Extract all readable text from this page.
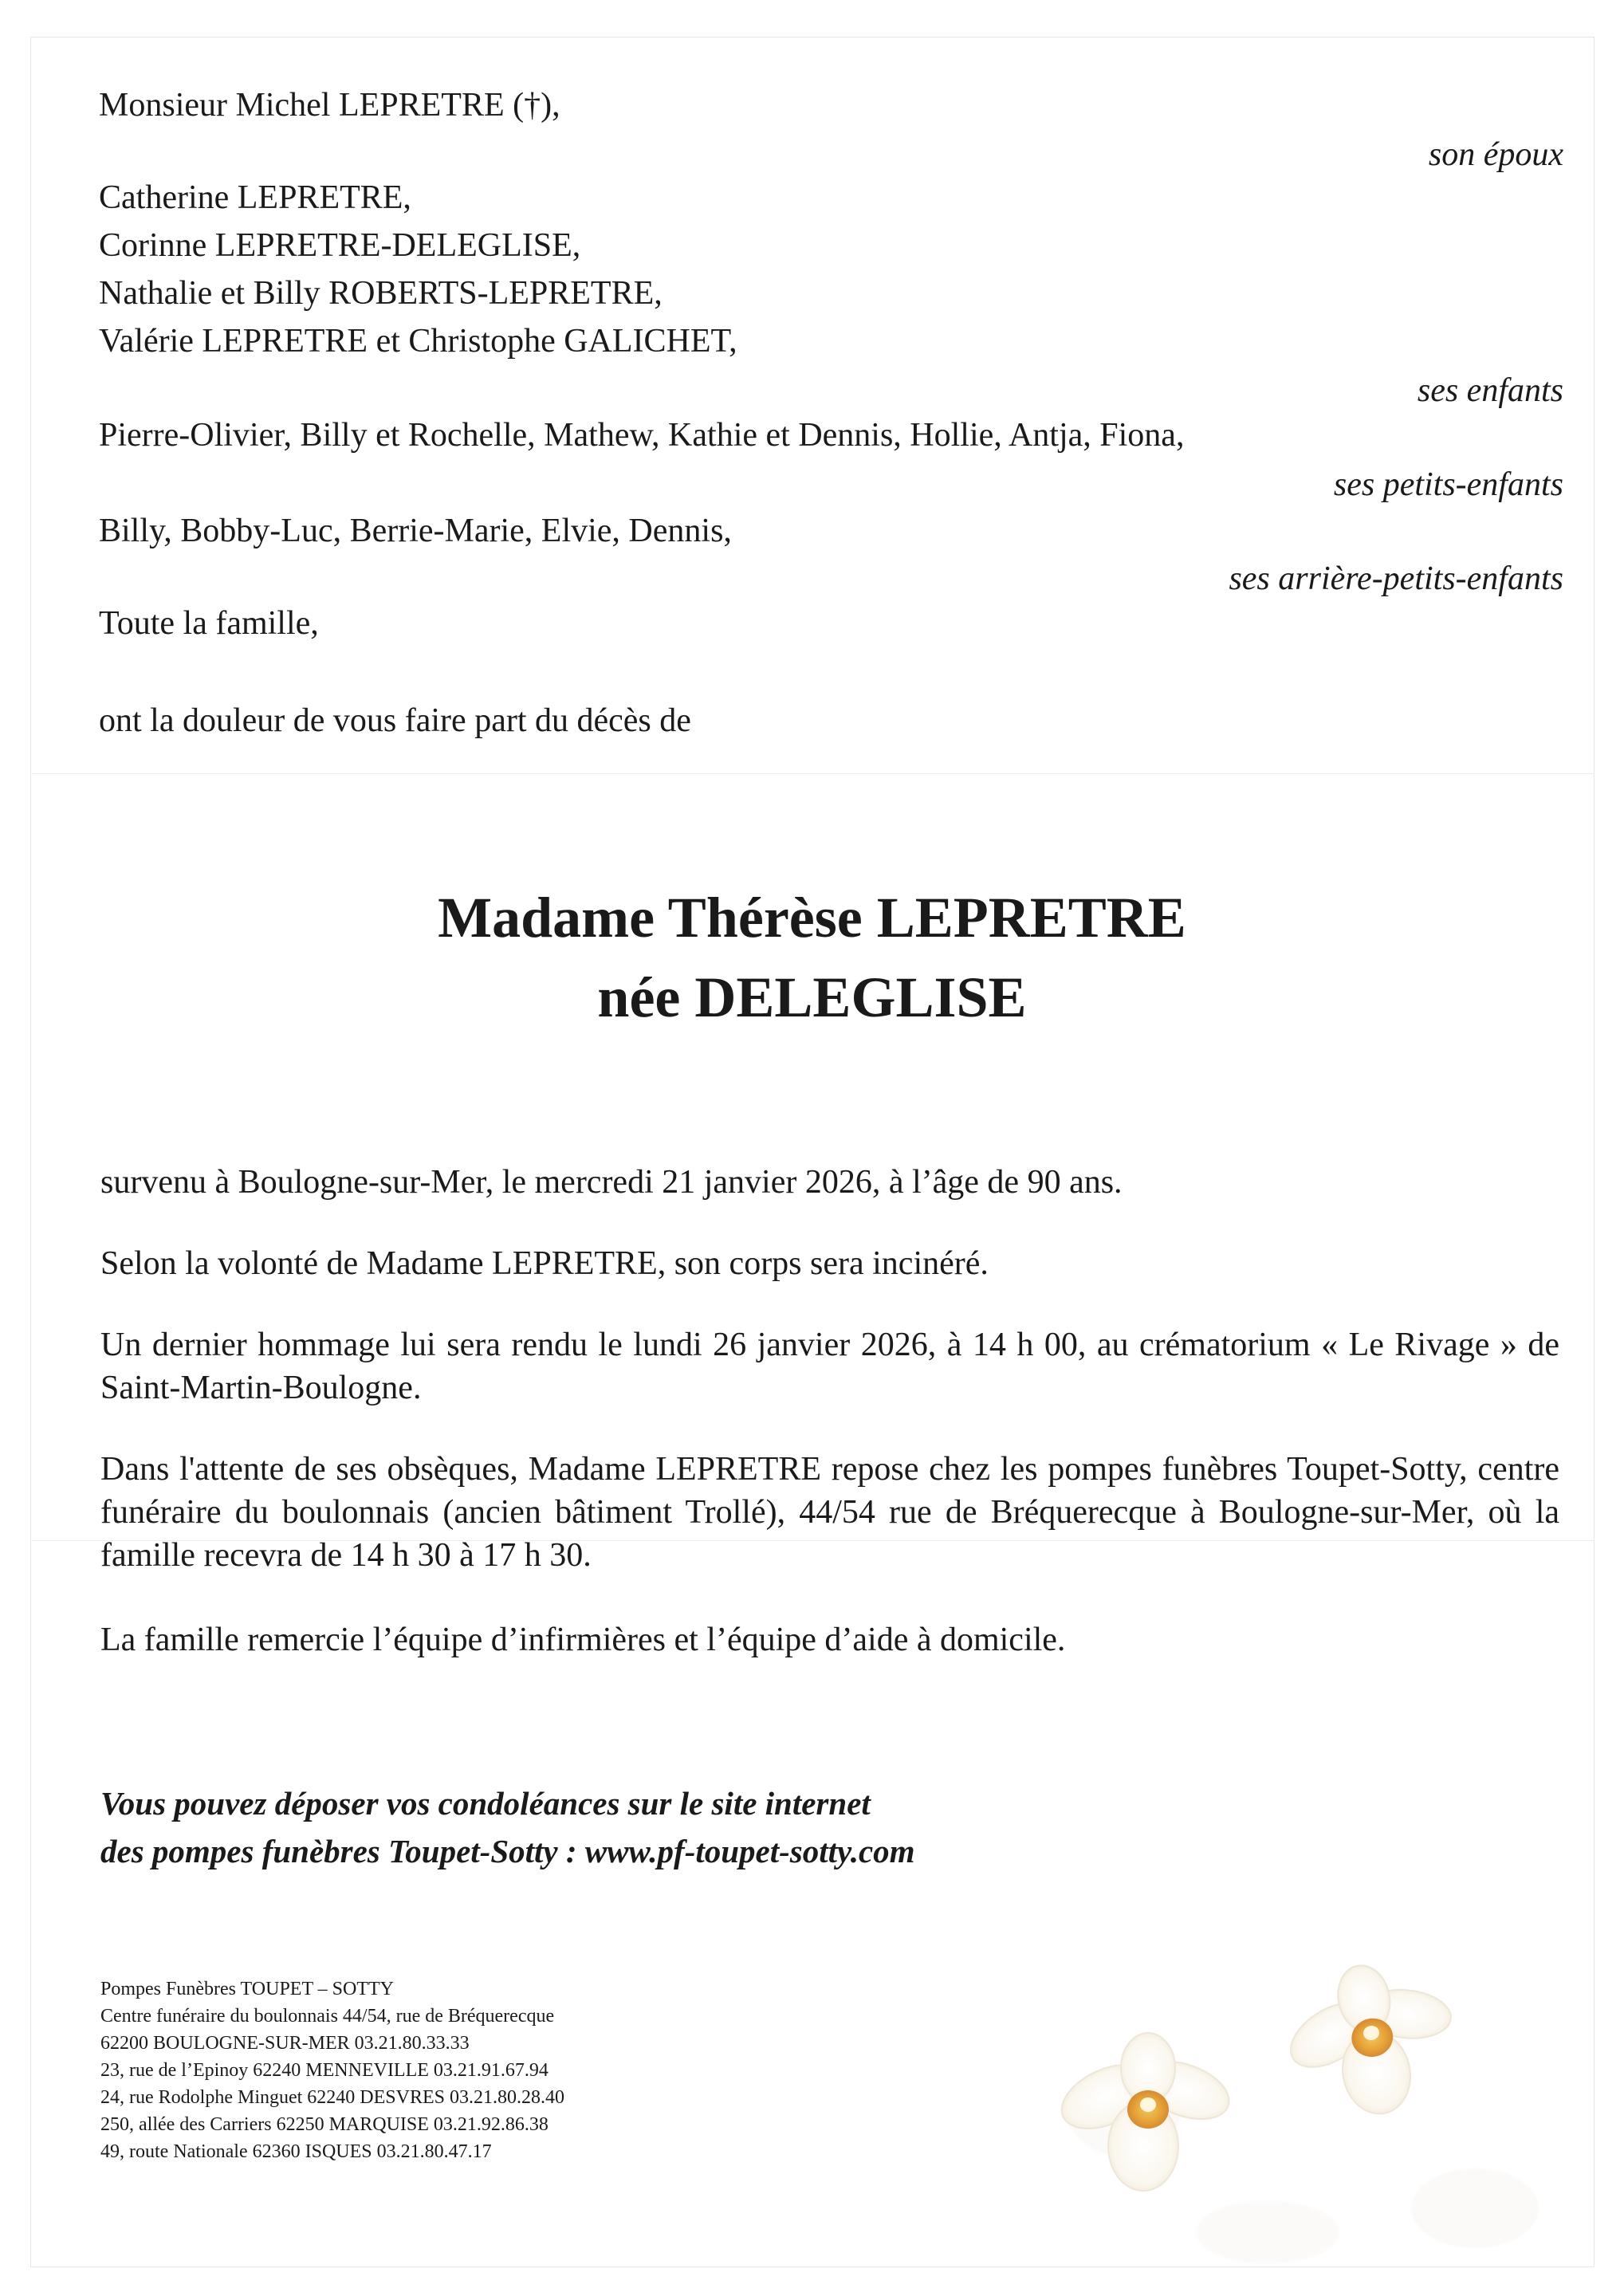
Monsieur Michel LEPRETRE (†),

son époux

Catherine LEPRETRE,

Corinne LEPRETRE-DELEGLISE,

Nathalie et Billy ROBERTS-LEPRETRE,

Valérie LEPRETRE et Christophe GALICHET,

ses enfants

Pierre-Olivier, Billy et Rochelle, Mathew, Kathie et Dennis, Hollie, Antja, Fiona,

ses petits-enfants

Billy, Bobby-Luc, Berrie-Marie, Elvie, Dennis,

ses arrière-petits-enfants

Toute la famille,

ont la douleur de vous faire part du décès de

Madame Thérèse LEPRETRE
née DELEGLISE

survenu à Boulogne-sur-Mer, le mercredi 21 janvier 2026, à l’âge de 90 ans.

Selon la volonté de Madame LEPRETRE, son corps sera incinéré.

Un dernier hommage lui sera rendu le lundi 26 janvier 2026, à 14 h 00, au crématorium « Le Rivage » de Saint-Martin-Boulogne.

Dans l'attente de ses obsèques, Madame LEPRETRE repose chez les pompes funèbres Toupet-Sotty, centre funéraire du boulonnais (ancien bâtiment Trollé), 44/54 rue de Bréquerecque à Boulogne-sur-Mer, où la famille recevra de 14 h 30 à 17 h 30.

La famille remercie l’équipe d’infirmières et l’équipe d’aide à domicile.

Vous pouvez déposer vos condoléances sur le site internet

des pompes funèbres Toupet-Sotty : www.pf-toupet-sotty.com

Pompes Funèbres TOUPET – SOTTY
Centre funéraire du boulonnais 44/54, rue de Bréquerecque
62200 BOULOGNE-SUR-MER 03.21.80.33.33
23, rue de l’Epinoy 62240 MENNEVILLE 03.21.91.67.94
24, rue Rodolphe Minguet 62240 DESVRES 03.21.80.28.40
250, allée des Carriers 62250 MARQUISE 03.21.92.86.38
49, route Nationale 62360 ISQUES 03.21.80.47.17
